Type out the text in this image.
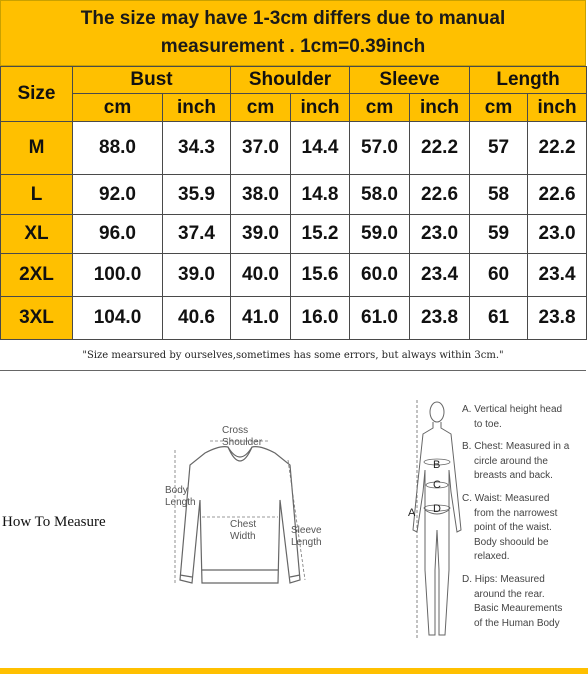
The size may have 1-3cm differs due to manual
measurement . 1cm=0.39inch
Size	Bust		Shoulder		Sleeve		Length	
	cm	inch	cm	inch	cm	inch	cm	inch
M	88.0	34.3	37.0	14.4	57.0	22.2	57	22.2
L	92.0	35.9	38.0	14.8	58.0	22.6	58	22.6
XL	96.0	37.4	39.0	15.2	59.0	23.0	59	23.0
2XL	100.0	39.0	40.0	15.6	60.0	23.4	60	23.4
3XL	104.0	40.6	41.0	16.0	61.0	23.8	61	23.8
"Size mearsured by ourselves,sometimes has some errors, but always within 3cm."
How To Measure
Cross
Shoulder
Body
Length
Chest
Width
Sleeve
Length
A
B
C
D
A. Vertical height head
to toe.
B. Chest: Measured in a
circle around the
breasts and back.
C. Waist: Measured
from the narrowest
point of the waist.
Body shoould be
relaxed.
D. Hips: Measured
around the rear.
Basic Meaurements
of the Human Body
